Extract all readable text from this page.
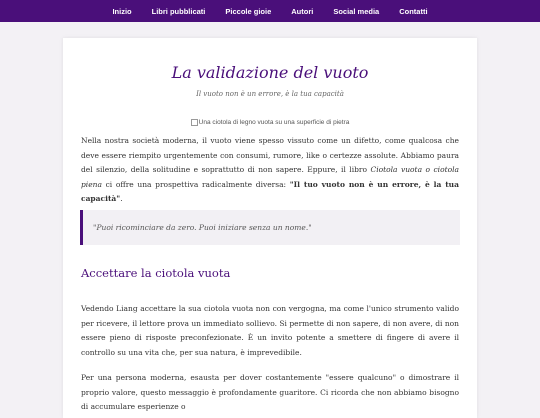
Inizio	Libri pubblicati	Piccole gioie	Autori	Social media	Contatti
La validazione del vuoto
Il vuoto non è un errore, è la tua capacità
Una ciotola di legno vuota su una superficie di pietra

Nella nostra società moderna, il vuoto viene spesso vissuto come un difetto, come qualcosa che deve essere riempito urgentemente con consumi, rumore, like o certezze assolute. Abbiamo paura del silenzio, della solitudine e soprattutto di non sapere. Eppure, il libro Ciotola vuota o ciotola piena ci offre una prospettiva radicalmente diversa: "Il tuo vuoto non è un errore, è la tua capacità".

"Puoi ricominciare da zero. Puoi iniziare senza un nome."
Accettare la ciotola vuota

Vedendo Liang accettare la sua ciotola vuota non con vergogna, ma come l'unico strumento valido per ricevere, il lettore prova un immediato sollievo. Si permette di non sapere, di non avere, di non essere pieno di risposte preconfezionate. È un invito potente a smettere di fingere di avere il controllo su una vita che, per sua natura, è imprevedibile.

Per una persona moderna, esausta per dover costantemente "essere qualcuno" o dimostrare il proprio valore, questo messaggio è profondamente guaritore. Ci ricorda che non abbiamo bisogno di accumulare esperienze o
